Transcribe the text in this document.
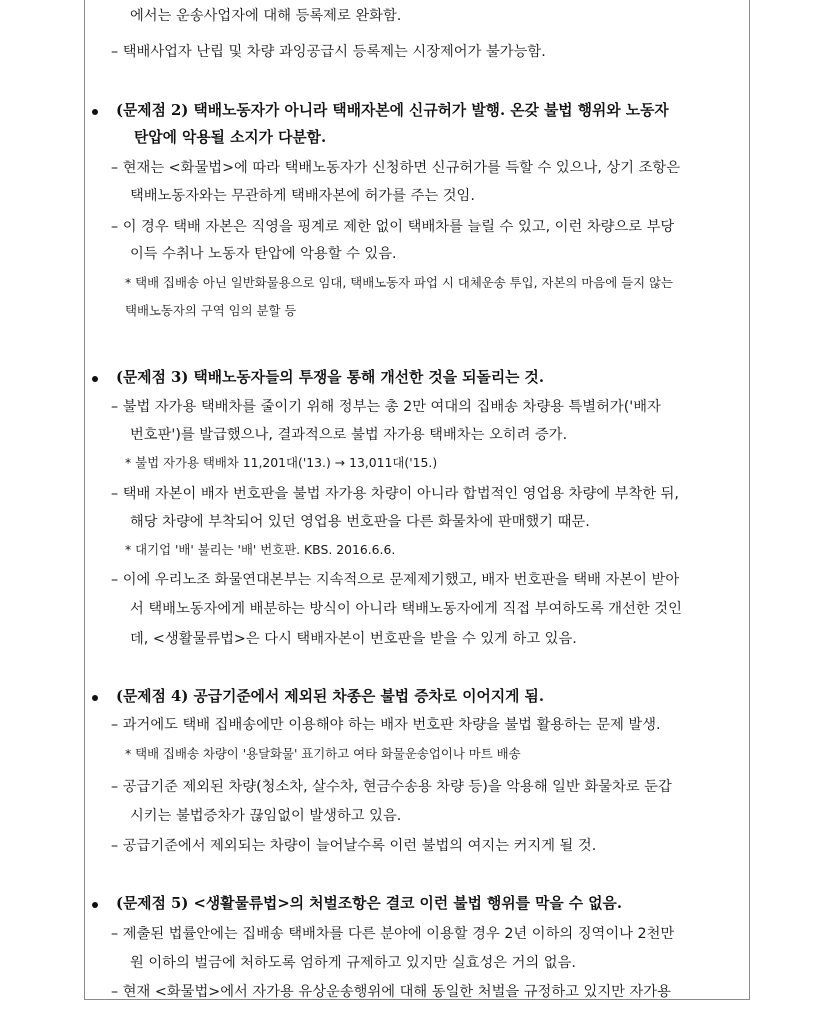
에서는 운송사업자에 대해 등록제로 완화함.
– 택배사업자 난립 및 차량 과잉공급시 등록제는 시장제어가 불가능함.
(문제점 2) 택배노동자가 아니라 택배자본에 신규허가 발행. 온갖 불법 행위와 노동자
탄압에 악용될 소지가 다분함.
– 현재는 <화물법>에 따라 택배노동자가 신청하면 신규허가를 득할 수 있으나, 상기 조항은
택배노동자와는 무관하게 택배자본에 허가를 주는 것임.
– 이 경우 택배 자본은 직영을 핑계로 제한 없이 택배차를 늘릴 수 있고, 이런 차량으로 부당
이득 수취나 노동자 탄압에 악용할 수 있음.
* 택배 집배송 아닌 일반화물용으로 임대, 택배노동자 파업 시 대체운송 투입, 자본의 마음에 들지 않는
택배노동자의 구역 임의 분할 등
(문제점 3) 택배노동자들의 투쟁을 통해 개선한 것을 되돌리는 것.
– 불법 자가용 택배차를 줄이기 위해 정부는 총 2만 여대의 집배송 차량용 특별허가('배자
번호판')를 발급했으나, 결과적으로 불법 자가용 택배차는 오히려 증가.
* 불법 자가용 택배차 11,201대('13.) → 13,011대('15.)
– 택배 자본이 배자 번호판을 불법 자가용 차량이 아니라 합법적인 영업용 차량에 부착한 뒤,
해당 차량에 부착되어 있던 영업용 번호판을 다른 화물차에 판매했기 때문.
* 대기업 '배' 불리는 '배' 번호판. KBS. 2016.6.6.
– 이에 우리노조 화물연대본부는 지속적으로 문제제기했고, 배자 번호판을 택배 자본이 받아
서 택배노동자에게 배분하는 방식이 아니라 택배노동자에게 직접 부여하도록 개선한 것인
데, <생활물류법>은 다시 택배자본이 번호판을 받을 수 있게 하고 있음.
(문제점 4) 공급기준에서 제외된 차종은 불법 증차로 이어지게 됨.
– 과거에도 택배 집배송에만 이용해야 하는 배자 번호판 차량을 불법 활용하는 문제 발생.
* 택배 집배송 차량이 '용달화물' 표기하고 여타 화물운송업이나 마트 배송
– 공급기준 제외된 차량(청소차, 살수차, 현금수송용 차량 등)을 악용해 일반 화물차로 둔갑
시키는 불법증차가 끊임없이 발생하고 있음.
– 공급기준에서 제외되는 차량이 늘어날수록 이런 불법의 여지는 커지게 될 것.
(문제점 5) <생활물류법>의 처벌조항은 결코 이런 불법 행위를 막을 수 없음.
– 제출된 법률안에는 집배송 택배차를 다른 분야에 이용할 경우 2년 이하의 징역이나 2천만
원 이하의 벌금에 처하도록 엄하게 규제하고 있지만 실효성은 거의 없음.
– 현재 <화물법>에서 자가용 유상운송행위에 대해 동일한 처벌을 규정하고 있지만 자가용
